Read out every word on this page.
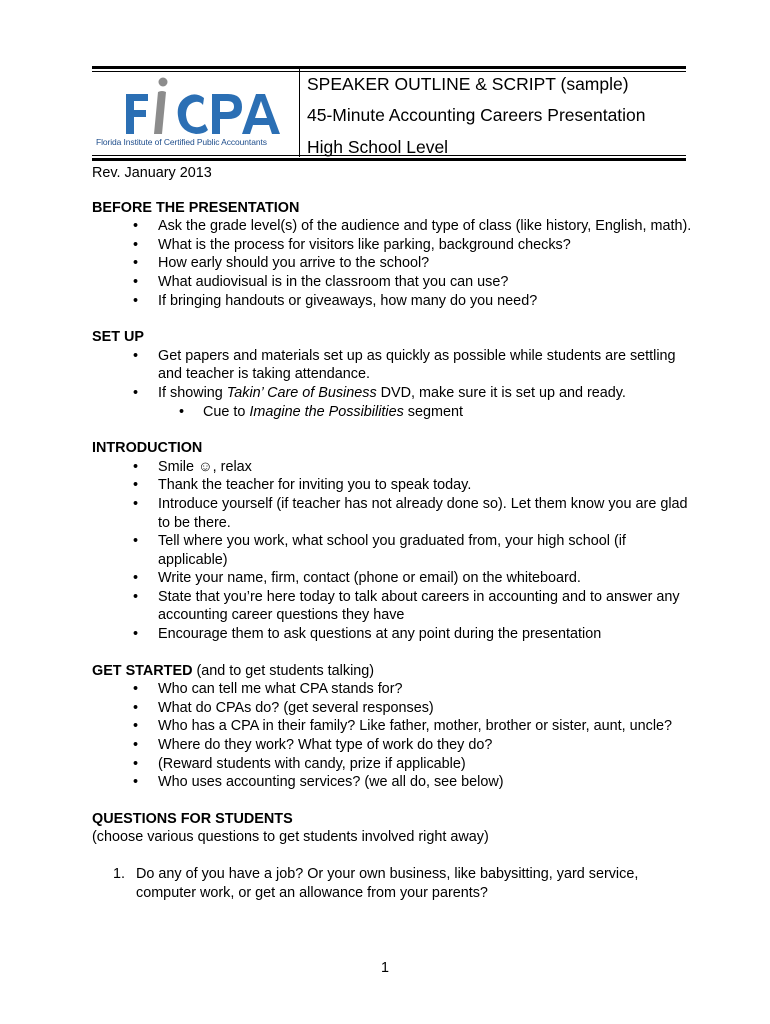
Florida Institute of Certified Public Accountants
SPEAKER OUTLINE & SCRIPT (sample)
45-Minute Accounting Careers Presentation
High School Level
Rev. January 2013
BEFORE THE PRESENTATION
• Ask the grade level(s) of the audience and type of class (like history, English, math).
• What is the process for visitors like parking, background checks?
• How early should you arrive to the school?
• What audiovisual is in the classroom that you can use?
• If bringing handouts or giveaways, how many do you need?
SET UP
• Get papers and materials set up as quickly as possible while students are settling and teacher is taking attendance.
• If showing Takin’ Care of Business DVD, make sure it is set up and ready.
• Cue to Imagine the Possibilities segment
INTRODUCTION
• Smile ☺, relax
• Thank the teacher for inviting you to speak today.
• Introduce yourself (if teacher has not already done so). Let them know you are glad to be there.
• Tell where you work, what school you graduated from, your high school (if applicable)
• Write your name, firm, contact (phone or email) on the whiteboard.
• State that you’re here today to talk about careers in accounting and to answer any accounting career questions they have
• Encourage them to ask questions at any point during the presentation
GET STARTED (and to get students talking)
• Who can tell me what CPA stands for?
• What do CPAs do? (get several responses)
• Who has a CPA in their family? Like father, mother, brother or sister, aunt, uncle?
• Where do they work? What type of work do they do?
• (Reward students with candy, prize if applicable)
• Who uses accounting services? (we all do, see below)
QUESTIONS FOR STUDENTS
(choose various questions to get students involved right away)
1. Do any of you have a job? Or your own business, like babysitting, yard service, computer work, or get an allowance from your parents?
1
